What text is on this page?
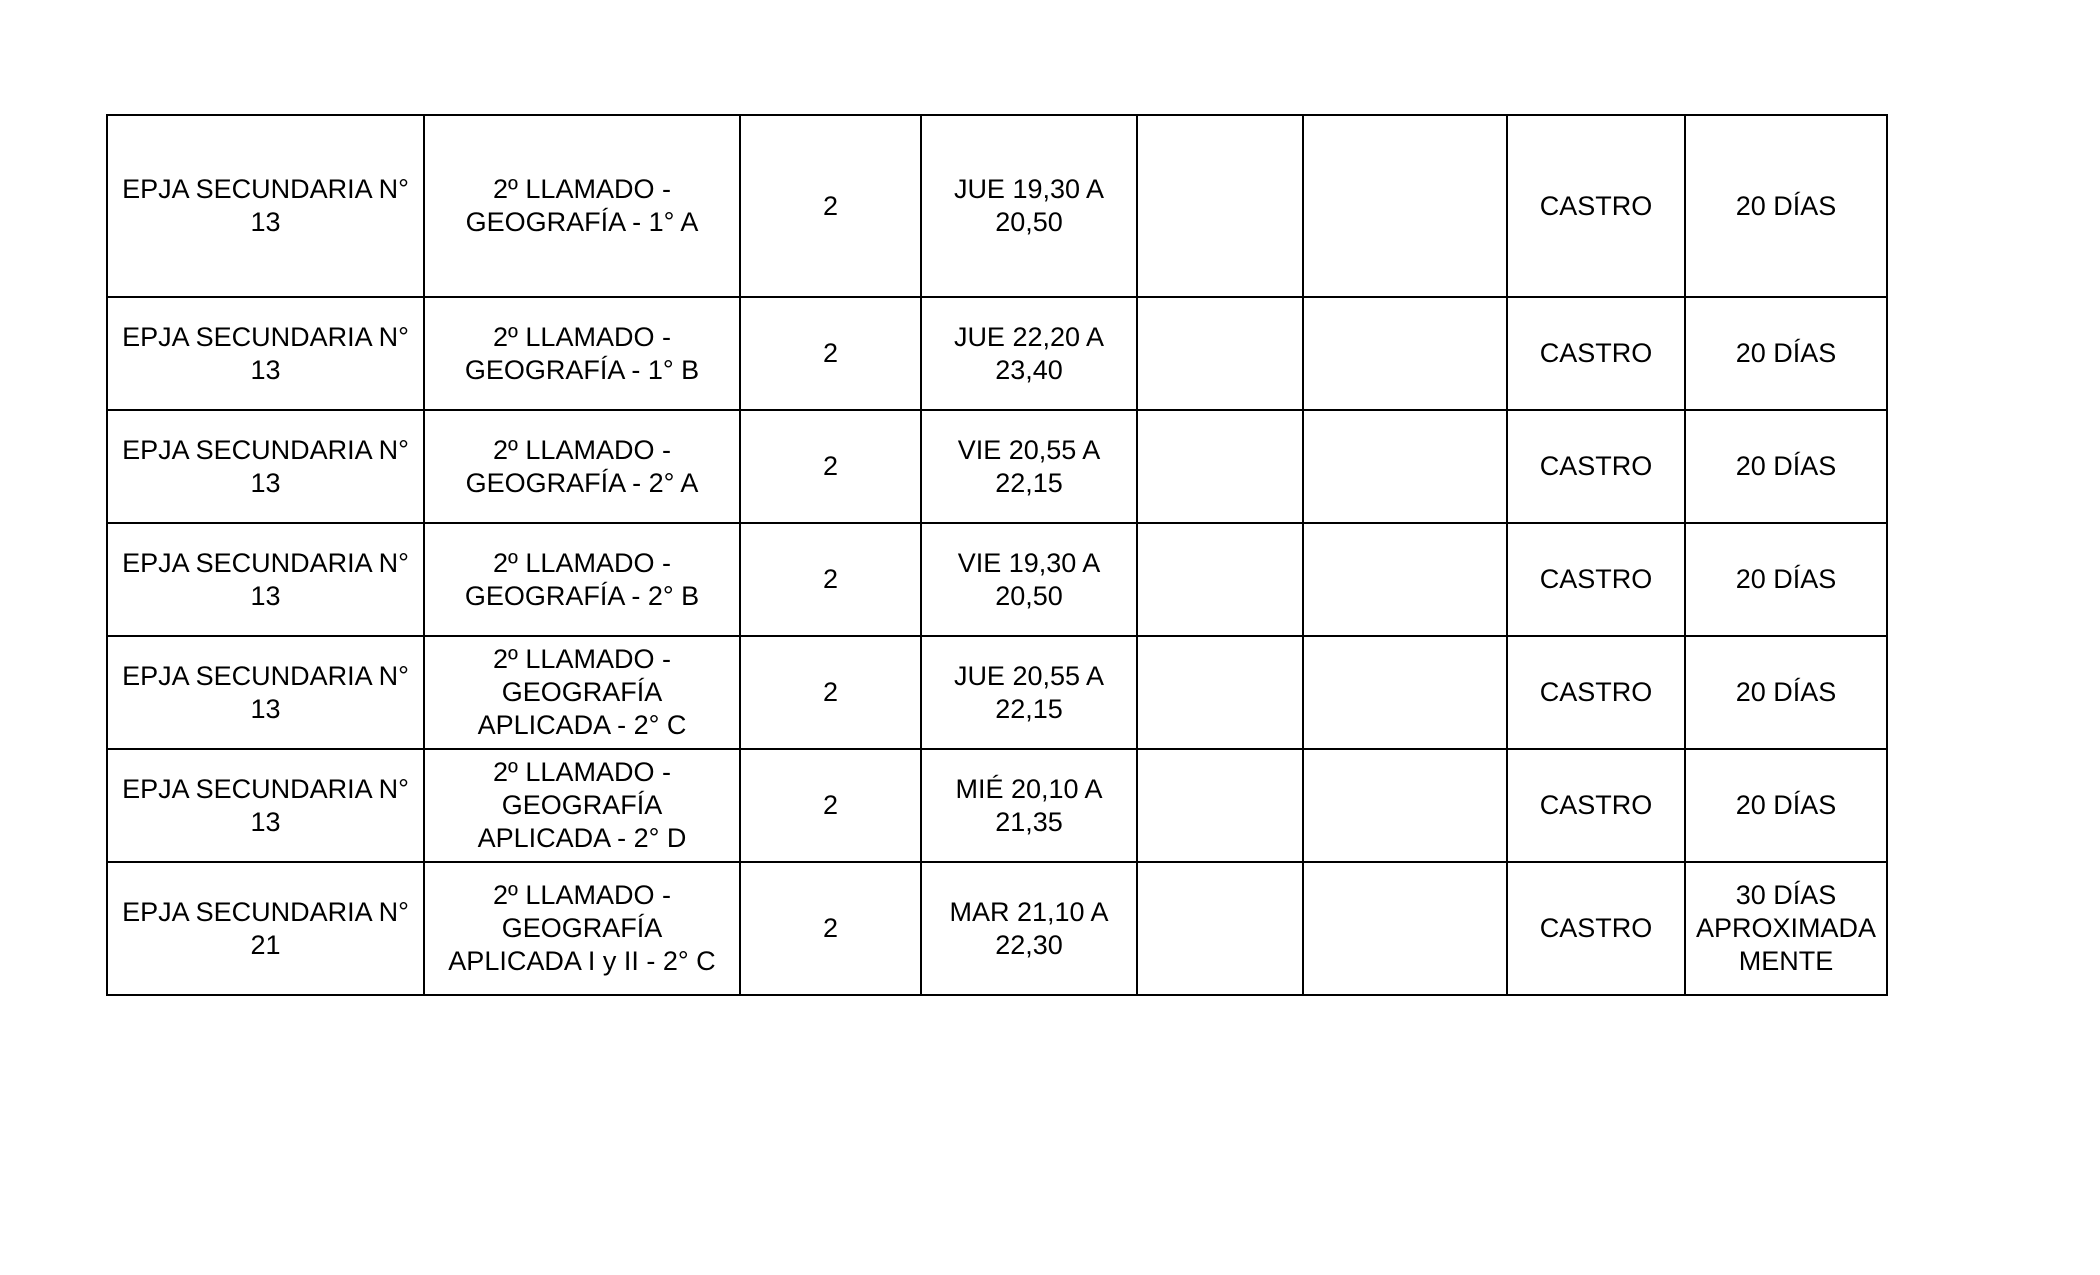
EPJA SECUNDARIA N° 13	2º LLAMADO - GEOGRAFÍA - 1° A	2	JUE 19,30 A 20,50			CASTRO	20 DÍAS
EPJA SECUNDARIA N° 13	2º LLAMADO - GEOGRAFÍA - 1° B	2	JUE 22,20 A 23,40			CASTRO	20 DÍAS
EPJA SECUNDARIA N° 13	2º LLAMADO - GEOGRAFÍA - 2° A	2	VIE 20,55 A 22,15			CASTRO	20 DÍAS
EPJA SECUNDARIA N° 13	2º LLAMADO - GEOGRAFÍA - 2° B	2	VIE 19,30 A 20,50			CASTRO	20 DÍAS
EPJA SECUNDARIA N° 13	2º LLAMADO - GEOGRAFÍA APLICADA - 2° C	2	JUE 20,55 A 22,15			CASTRO	20 DÍAS
EPJA SECUNDARIA N° 13	2º LLAMADO - GEOGRAFÍA APLICADA - 2° D	2	MIÉ 20,10 A 21,35			CASTRO	20 DÍAS
EPJA SECUNDARIA N° 21	2º LLAMADO - GEOGRAFÍA APLICADA I y II - 2° C	2	MAR 21,10 A 22,30			CASTRO	30 DÍAS APROXIMADA MENTE
